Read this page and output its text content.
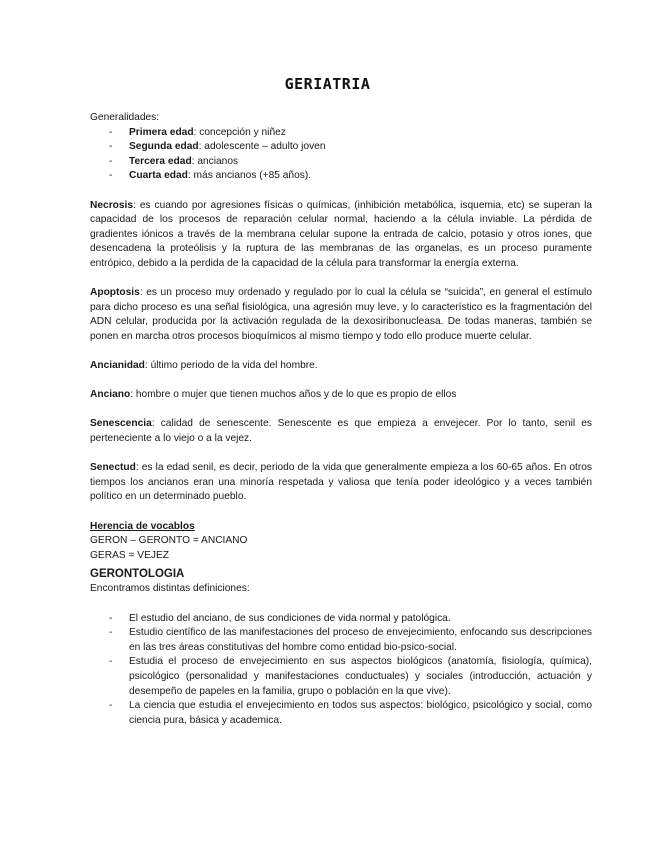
GERIATRIA

Generalidades:

- Primera edad: concepción y niñez
- Segunda edad: adolescente – adulto joven
- Tercera edad: ancianos
- Cuarta edad: más ancianos (+85 años).

Necrosis: es cuando por agresiones físicas o químicas, (inhibición metabólica, isquemia, etc) se superan la capacidad de los procesos de reparación celular normal, haciendo a la célula inviable. La pérdida de gradientes iónicos a través de la membrana celular supone la entrada de calcio, potasio y otros iones, que desencadena la proteólisis y la ruptura de las membranas de las organelas, es un proceso puramente entrópico, debido a la perdida de la capacidad de la célula para transformar la energía externa.

Apoptosis: es un proceso muy ordenado y regulado por lo cual la célula se “suicida”, en general el estímulo para dicho proceso es una señal fisiológica, una agresión muy leve, y lo característico es la fragmentación del ADN celular, producida por la activación regulada de la dexosiribonucleasa. De todas maneras, también se ponen en marcha otros procesos bioquímicos al mismo tiempo y todo ello produce muerte celular.

Ancianidad: último periodo de la vida del hombre.

Anciano: hombre o mujer que tienen muchos años y de lo que es propio de ellos

Senescencia: calidad de senescente. Senescente es que empieza a envejecer. Por lo tanto, senil es perteneciente a lo viejo o a la vejez.

Senectud: es la edad senil, es decir, periodo de la vida que generalmente empieza a los 60-65 años. En otros tiempos los ancianos eran una minoría respetada y valiosa que tenía poder ideológico y a veces también político en un determinado pueblo.

Herencia de vocablos

GERON – GERONTO = ANCIANO

GERAS = VEJEZ

GERONTOLOGIA

Encontramos distintas definiciones:

- El estudio del anciano, de sus condiciones de vida normal y patológica.
- Estudio científico de las manifestaciones del proceso de envejecimiento, enfocando sus descripciones en las tres áreas constitutivas del hombre como entidad bio-psico-social.
- Estudia el proceso de envejecimiento en sus aspectos biológicos (anatomía, fisiología, química), psicológico (personalidad y manifestaciones conductuales) y sociales (introducción, actuación y desempeño de papeles en la familia, grupo o población en la que vive).
- La ciencia que estudia el envejecimiento en todos sus aspectos: biológico, psicológico y social, como ciencia pura, básica y academica.
